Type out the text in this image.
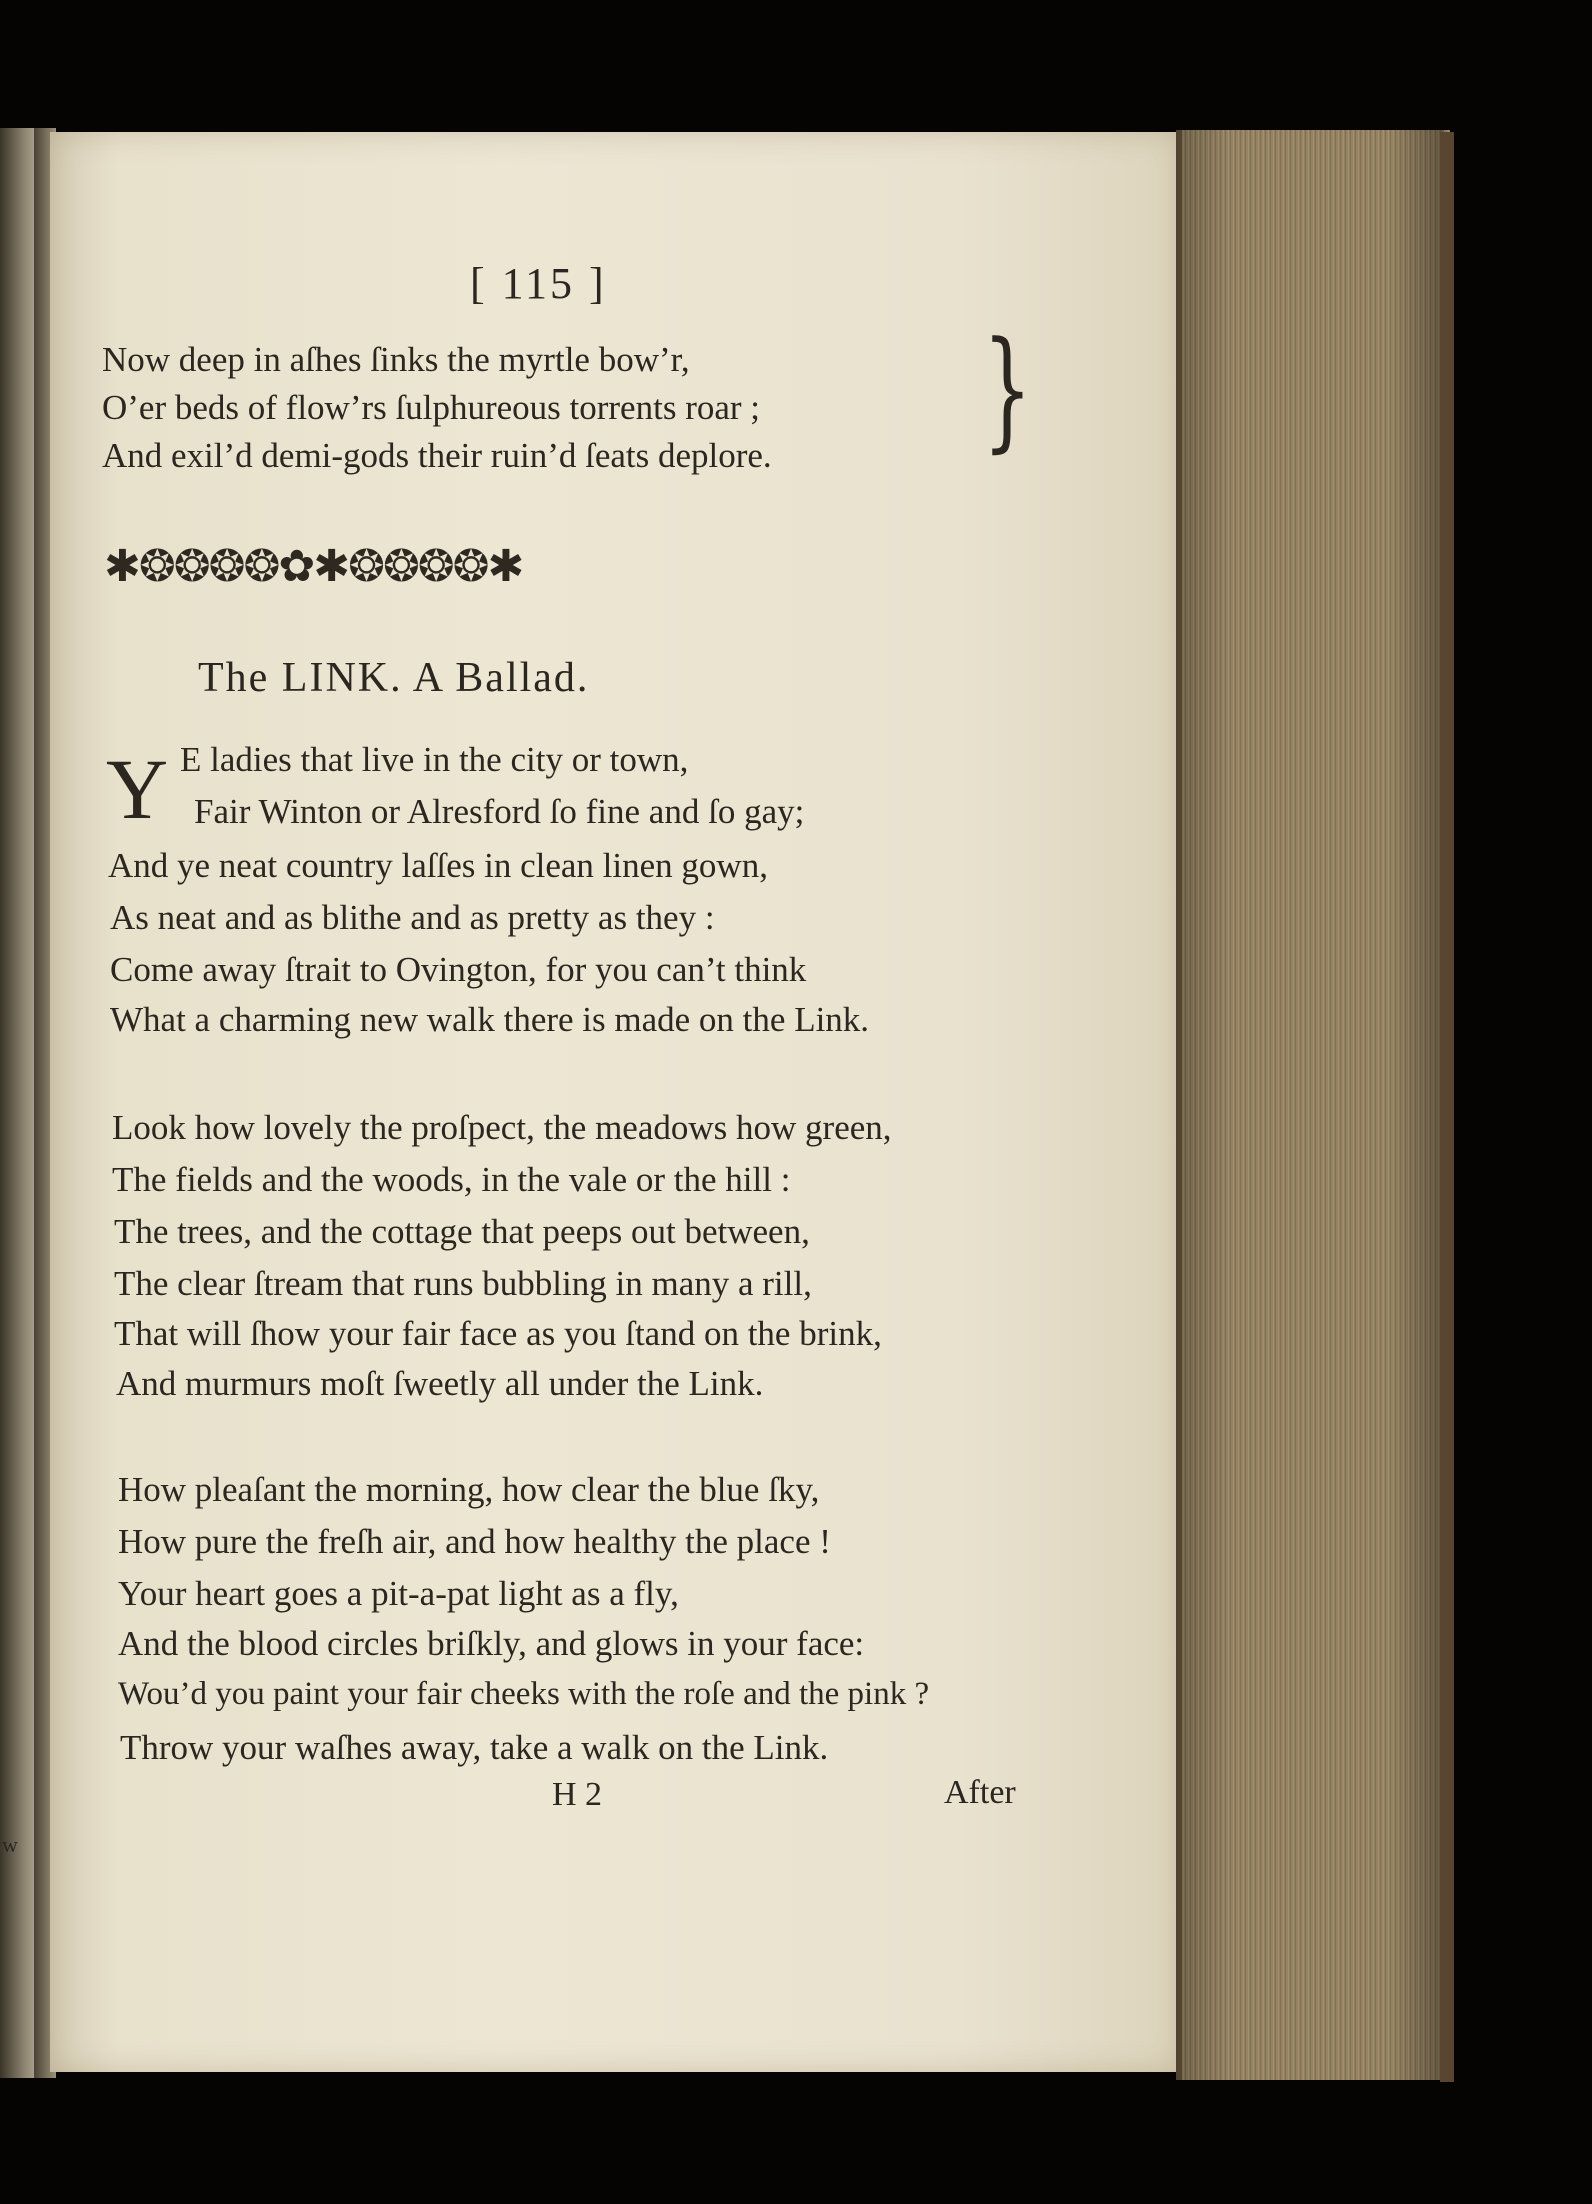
w
[ 115 ]
Now deep in aſhes ſinks the myrtle bow’r,
O’er beds of flow’rs ſulphureous torrents roar ;
And exil’d demi-gods their ruin’d ſeats deplore. }
✱❂❂❂❂✿✱❂❂❂❂✱
The LINK. A Ballad.
Y E ladies that live in the city or town,
Fair Winton or Alresford ſo fine and ſo gay;
And ye neat country laſſes in clean linen gown,
As neat and as blithe and as pretty as they :
Come away ſtrait to Ovington, for you can’t think
What a charming new walk there is made on the Link.
Look how lovely the proſpect, the meadows how green,
The fields and the woods, in the vale or the hill :
The trees, and the cottage that peeps out between,
The clear ſtream that runs bubbling in many a rill,
That will ſhow your fair face as you ſtand on the brink,
And murmurs moſt ſweetly all under the Link.
How pleaſant the morning, how clear the blue ſky,
How pure the freſh air, and how healthy the place !
Your heart goes a pit-a-pat light as a fly,
And the blood circles briſkly, and glows in your face:
Wou’d you paint your fair cheeks with the roſe and the pink ?
Throw your waſhes away, take a walk on the Link.
H 2	After
